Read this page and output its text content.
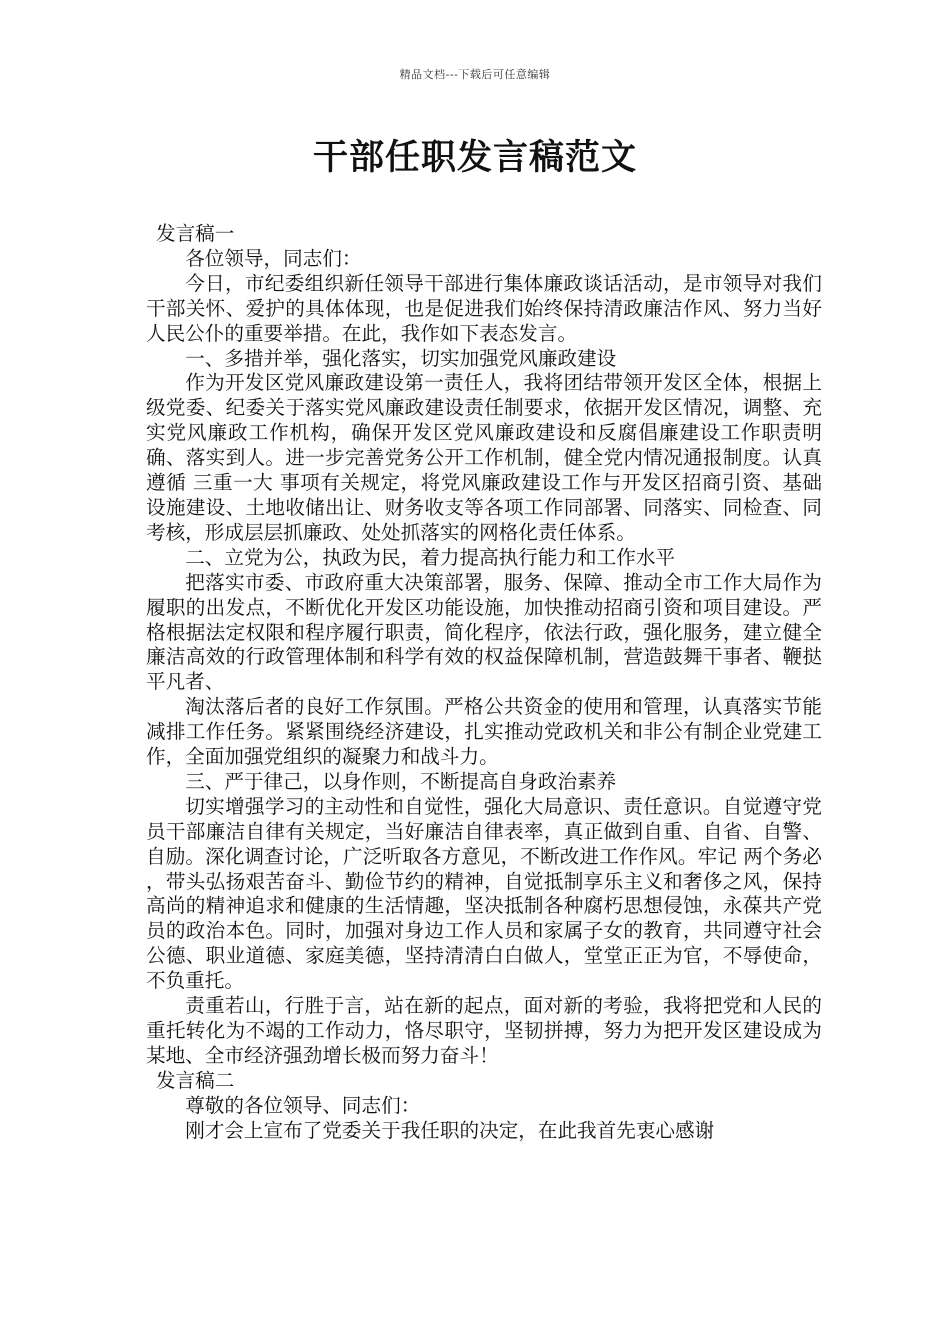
精品文档---下载后可任意编辑
干部任职发言稿范文

发言稿一

各位领导，同志们：

今日，市纪委组织新任领导干部进行集体廉政谈话活动，是市领导对我们干部关怀、爱护的具体体现，也是促进我们始终保持清政廉洁作风、努力当好人民公仆的重要举措。在此，我作如下表态发言。

一、多措并举，强化落实，切实加强党风廉政建设

作为开发区党风廉政建设第一责任人，我将团结带领开发区全体，根据上级党委、纪委关于落实党风廉政建设责任制要求，依据开发区情况，调整、充实党风廉政工作机构，确保开发区党风廉政建设和反腐倡廉建设工作职责明确、落实到人。进一步完善党务公开工作机制，健全党内情况通报制度。认真遵循 三重一大 事项有关规定，将党风廉政建设工作与开发区招商引资、基础设施建设、土地收储出让、财务收支等各项工作同部署、同落实、同检查、同考核，形成层层抓廉政、处处抓落实的网格化责任体系。

二、立党为公，执政为民，着力提高执行能力和工作水平

把落实市委、市政府重大决策部署，服务、保障、推动全市工作大局作为履职的出发点，不断优化开发区功能设施，加快推动招商引资和项目建设。严格根据法定权限和程序履行职责，简化程序，依法行政，强化服务，建立健全廉洁高效的行政管理体制和科学有效的权益保障机制，营造鼓舞干事者、鞭挞平凡者、

淘汰落后者的良好工作氛围。严格公共资金的使用和管理，认真落实节能减排工作任务。紧紧围绕经济建设，扎实推动党政机关和非公有制企业党建工作，全面加强党组织的凝聚力和战斗力。

三、严于律己，以身作则，不断提高自身政治素养

切实增强学习的主动性和自觉性，强化大局意识、责任意识。自觉遵守党员干部廉洁自律有关规定，当好廉洁自律表率，真正做到自重、自省、自警、自励。深化调查讨论，广泛听取各方意见，不断改进工作作风。牢记 两个务必 ，带头弘扬艰苦奋斗、勤俭节约的精神，自觉抵制享乐主义和奢侈之风，保持高尚的精神追求和健康的生活情趣，坚决抵制各种腐朽思想侵蚀，永葆共产党员的政治本色。同时，加强对身边工作人员和家属子女的教育，共同遵守社会公德、职业道德、家庭美德，坚持清清白白做人，堂堂正正为官，不辱使命，不负重托。

责重若山，行胜于言，站在新的起点，面对新的考验，我将把党和人民的重托转化为不竭的工作动力，恪尽职守，坚韧拼搏，努力为把开发区建设成为某地、全市经济强劲增长极而努力奋斗！

发言稿二

尊敬的各位领导、同志们：

刚才会上宣布了党委关于我任职的决定，在此我首先衷心感谢
